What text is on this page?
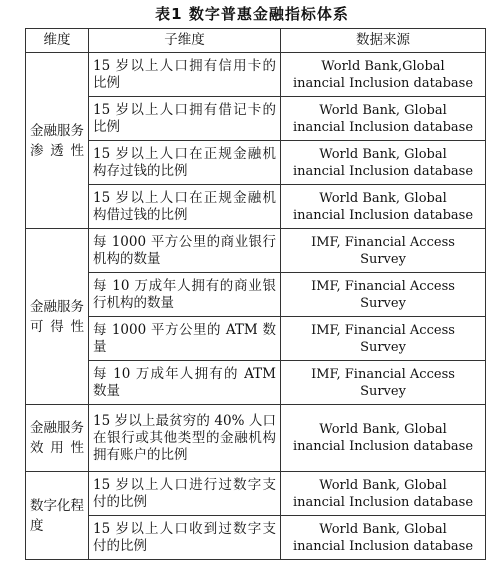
表1 数字普惠金融指标体系
维度	子维度	数据来源
金融服务渗透性	15 岁以上人口拥有信用卡的比例	World Bank,Global
inancial Inclusion database
	15 岁以上人口拥有借记卡的比例	World Bank, Global
inancial Inclusion database
	15 岁以上人口在正规金融机构存过钱的比例	World Bank, Global
inancial Inclusion database
	15 岁以上人口在正规金融机构借过钱的比例	World Bank, Global
inancial Inclusion database
金融服务可得性	每 1000 平方公里的商业银行机构的数量	IMF, Financial Access
Survey
	每 10 万成年人拥有的商业银行机构的数量	IMF, Financial Access
Survey
	每 1000 平方公里的 ATM 数量	IMF, Financial Access
Survey
	每 10 万成年人拥有的 ATM 数量	IMF, Financial Access
Survey
金融服务效用性	15 岁以上最贫穷的 40% 人口在银行或其他类型的金融机构拥有账户的比例	World Bank, Global
inancial Inclusion database
数字化程度	15 岁以上人口进行过数字支付的比例	World Bank, Global
inancial Inclusion database
	15 岁以上人口收到过数字支付的比例	World Bank, Global
inancial Inclusion database
